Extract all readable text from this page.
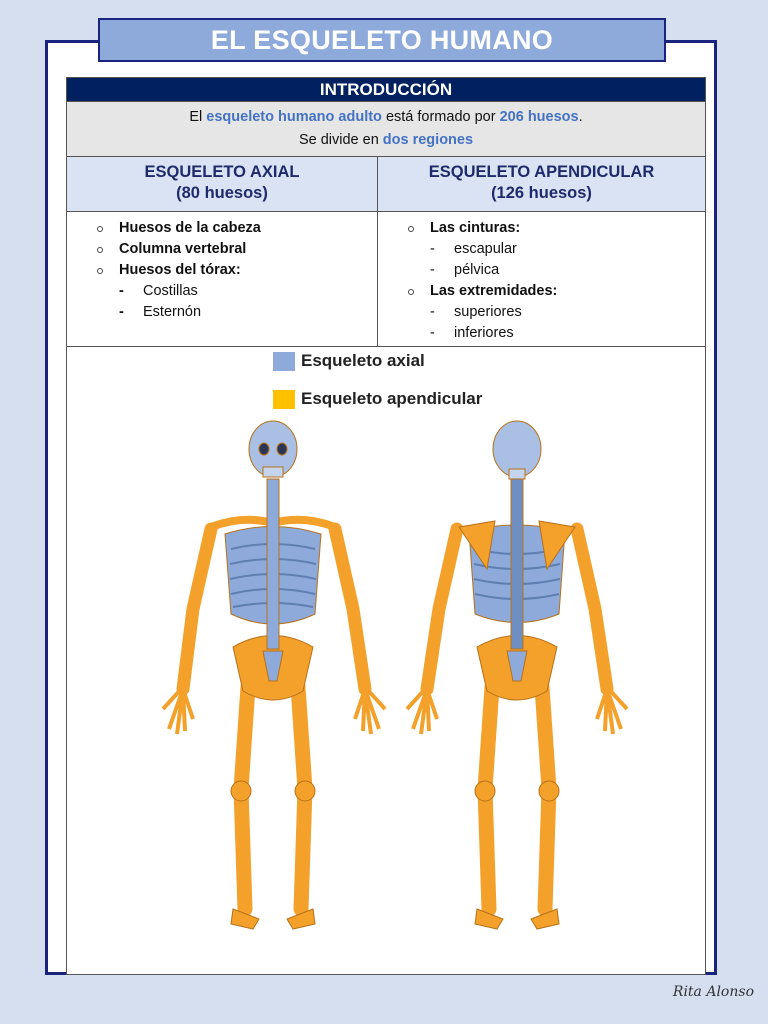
EL ESQUELETO HUMANO
INTRODUCCIÓN
El esqueleto humano adulto está formado por 206 huesos.
Se divide en dos regiones
ESQUELETO AXIAL
(80 huesos)
ESQUELETO APENDICULAR
(126 huesos)
Huesos de la cabeza
Columna vertebral
Huesos del tórax:
- Costillas
- Esternón
Las cinturas:
- escapular
- pélvica
Las extremidades:
- superiores
- inferiores
Esqueleto axial
Esqueleto apendicular
Rita Alonso
